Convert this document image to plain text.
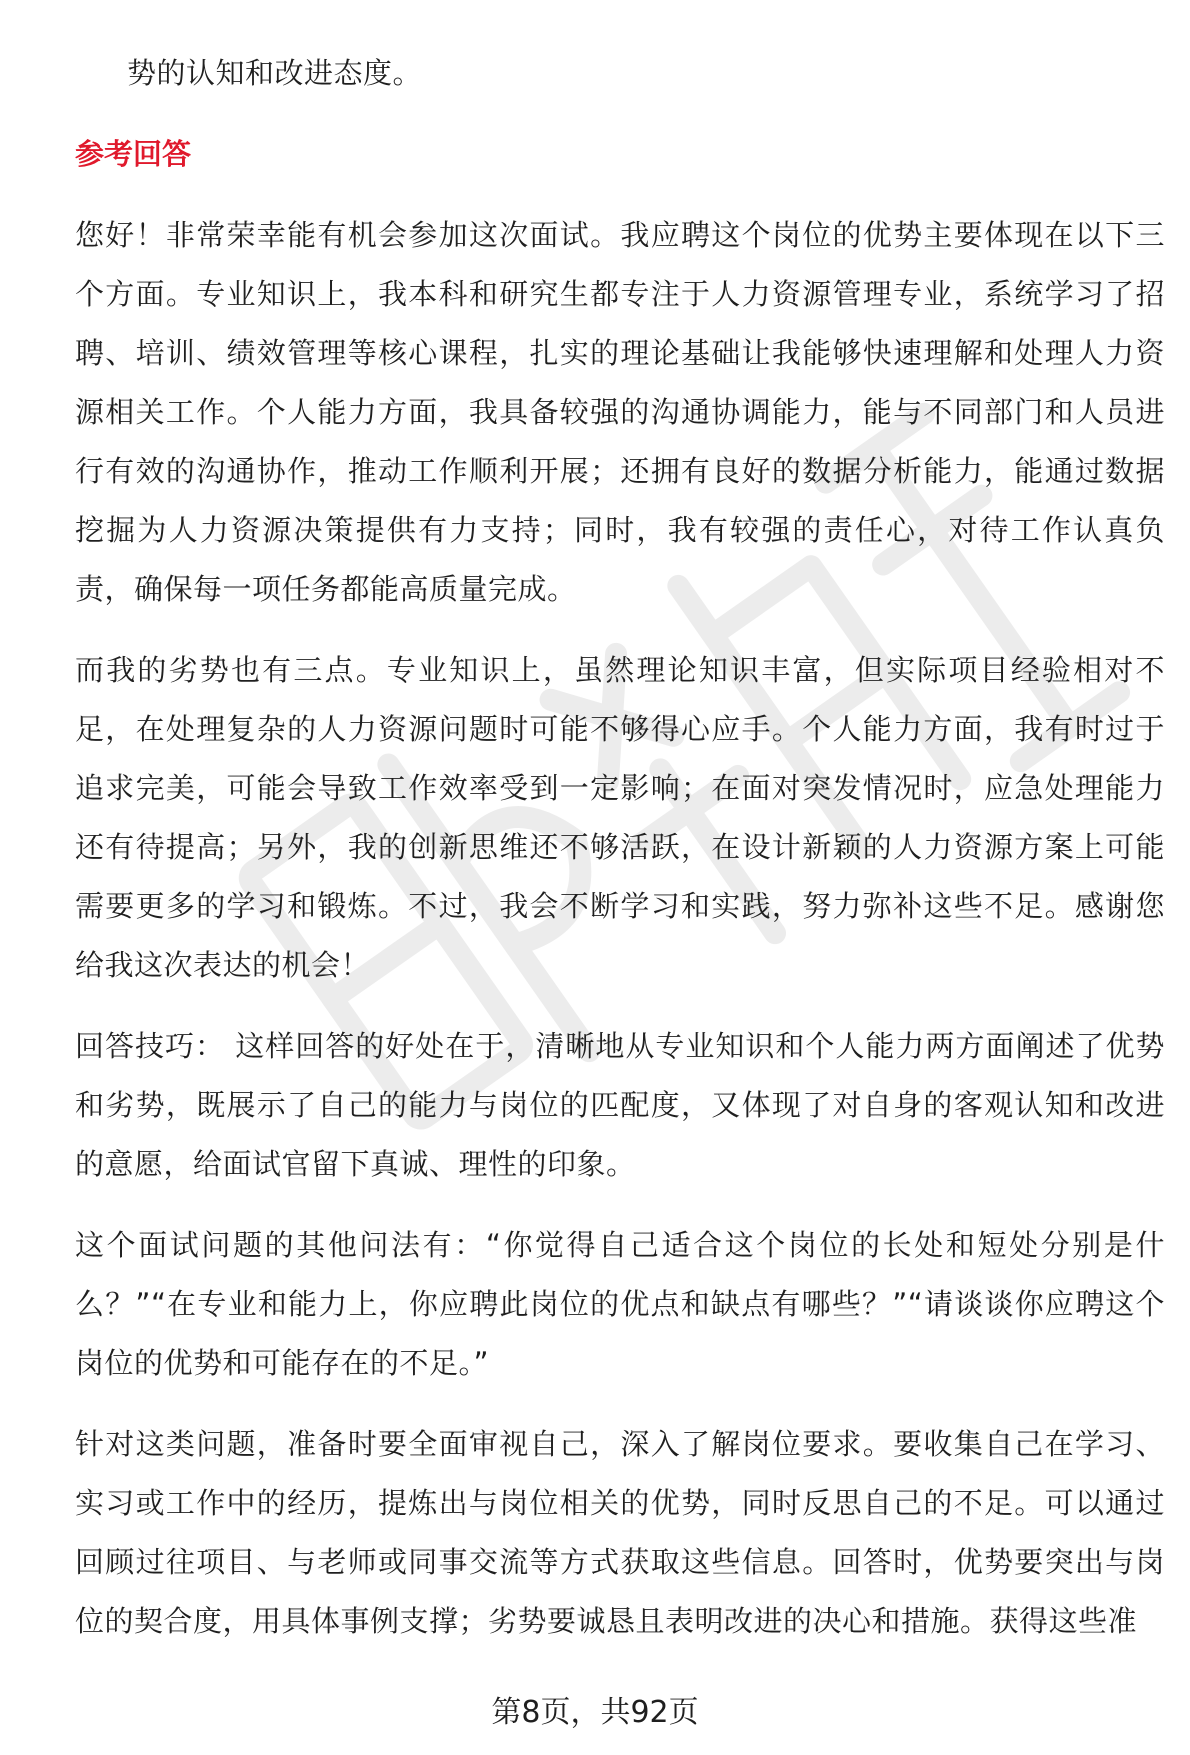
势的认知和改进态度。

参考回答

您好！非常荣幸能有机会参加这次面试。我应聘这个岗位的优势主要体现在以下三个方面。专业知识上，我本科和研究生都专注于人力资源管理专业，系统学习了招聘、培训、绩效管理等核心课程，扎实的理论基础让我能够快速理解和处理人力资源相关工作。个人能力方面，我具备较强的沟通协调能力，能与不同部门和人员进行有效的沟通协作，推动工作顺利开展；还拥有良好的数据分析能力，能通过数据挖掘为人力资源决策提供有力支持；同时，我有较强的责任心，对待工作认真负责，确保每一项任务都能高质量完成。

而我的劣势也有三点。专业知识上，虽然理论知识丰富，但实际项目经验相对不足，在处理复杂的人力资源问题时可能不够得心应手。个人能力方面，我有时过于追求完美，可能会导致工作效率受到一定影响；在面对突发情况时，应急处理能力还有待提高；另外，我的创新思维还不够活跃，在设计新颖的人力资源方案上可能需要更多的学习和锻炼。不过，我会不断学习和实践，努力弥补这些不足。感谢您给我这次表达的机会！

回答技巧： 这样回答的好处在于，清晰地从专业知识和个人能力两方面阐述了优势和劣势，既展示了自己的能力与岗位的匹配度，又体现了对自身的客观认知和改进的意愿，给面试官留下真诚、理性的印象。

这个面试问题的其他问法有：“你觉得自己适合这个岗位的长处和短处分别是什么？”“在专业和能力上，你应聘此岗位的优点和缺点有哪些？”“请谈谈你应聘这个岗位的优势和可能存在的不足。”

针对这类问题，准备时要全面审视自己，深入了解岗位要求。要收集自己在学习、实习或工作中的经历，提炼出与岗位相关的优势，同时反思自己的不足。可以通过回顾过往项目、与老师或同事交流等方式获取这些信息。回答时，优势要突出与岗位的契合度，用具体事例支撑；劣势要诚恳且表明改进的决心和措施。获得这些准

第8页，共92页
